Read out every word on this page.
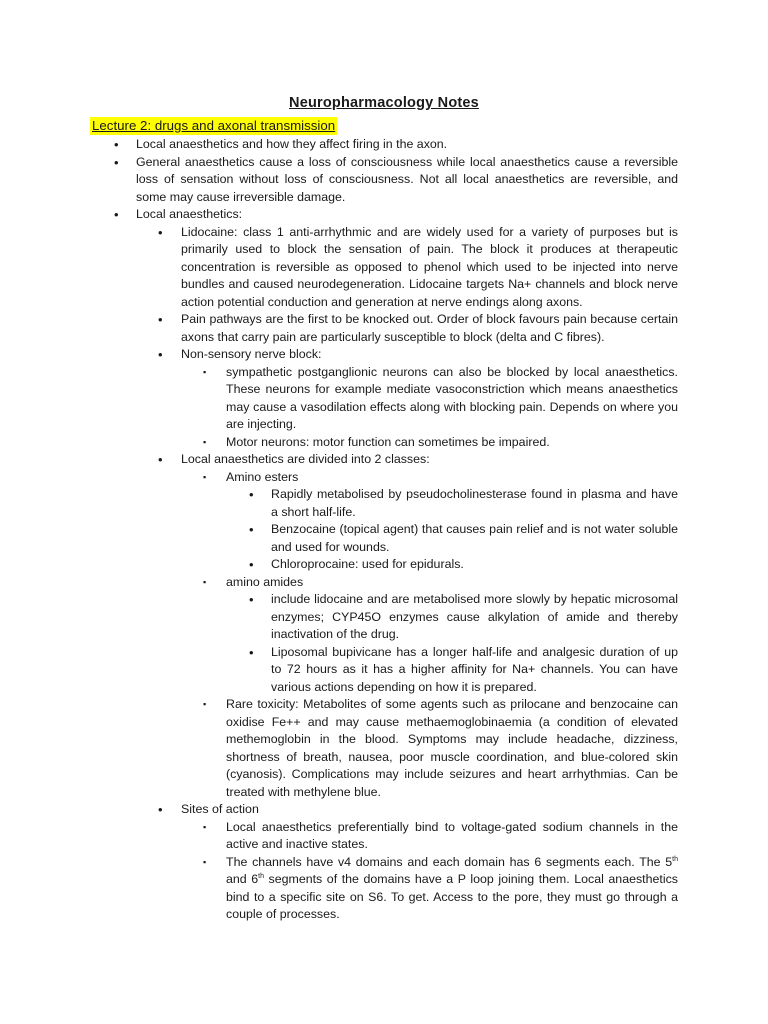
Neuropharmacology Notes
Lecture 2: drugs and axonal transmission
• Local anaesthetics and how they affect firing in the axon.
• General anaesthetics cause a loss of consciousness while local anaesthetics cause a reversible loss of sensation without loss of consciousness. Not all local anaesthetics are reversible, and some may cause irreversible damage.
• Local anaesthetics:
• Lidocaine: class 1 anti-arrhythmic and are widely used for a variety of purposes but is primarily used to block the sensation of pain. The block it produces at therapeutic concentration is reversible as opposed to phenol which used to be injected into nerve bundles and caused neurodegeneration. Lidocaine targets Na+ channels and block nerve action potential conduction and generation at nerve endings along axons.
• Pain pathways are the first to be knocked out. Order of block favours pain because certain axons that carry pain are particularly susceptible to block (delta and C fibres).
• Non-sensory nerve block:
▪ sympathetic postganglionic neurons can also be blocked by local anaesthetics. These neurons for example mediate vasoconstriction which means anaesthetics may cause a vasodilation effects along with blocking pain. Depends on where you are injecting.
▪ Motor neurons: motor function can sometimes be impaired.
• Local anaesthetics are divided into 2 classes:
▪ Amino esters
• Rapidly metabolised by pseudocholinesterase found in plasma and have a short half-life.
• Benzocaine (topical agent) that causes pain relief and is not water soluble and used for wounds.
• Chloroprocaine: used for epidurals.
▪ amino amides
• include lidocaine and are metabolised more slowly by hepatic microsomal enzymes; CYP45O enzymes cause alkylation of amide and thereby inactivation of the drug.
• Liposomal bupivicane has a longer half-life and analgesic duration of up to 72 hours as it has a higher affinity for Na+ channels. You can have various actions depending on how it is prepared.
▪ Rare toxicity: Metabolites of some agents such as prilocane and benzocaine can oxidise Fe++ and may cause methaemoglobinaemia (a condition of elevated methemoglobin in the blood. Symptoms may include headache, dizziness, shortness of breath, nausea, poor muscle coordination, and blue-colored skin (cyanosis). Complications may include seizures and heart arrhythmias. Can be treated with methylene blue.
• Sites of action
▪ Local anaesthetics preferentially bind to voltage-gated sodium channels in the active and inactive states.
▪ The channels have v4 domains and each domain has 6 segments each. The 5th and 6th segments of the domains have a P loop joining them. Local anaesthetics bind to a specific site on S6. To get. Access to the pore, they must go through a couple of processes.
